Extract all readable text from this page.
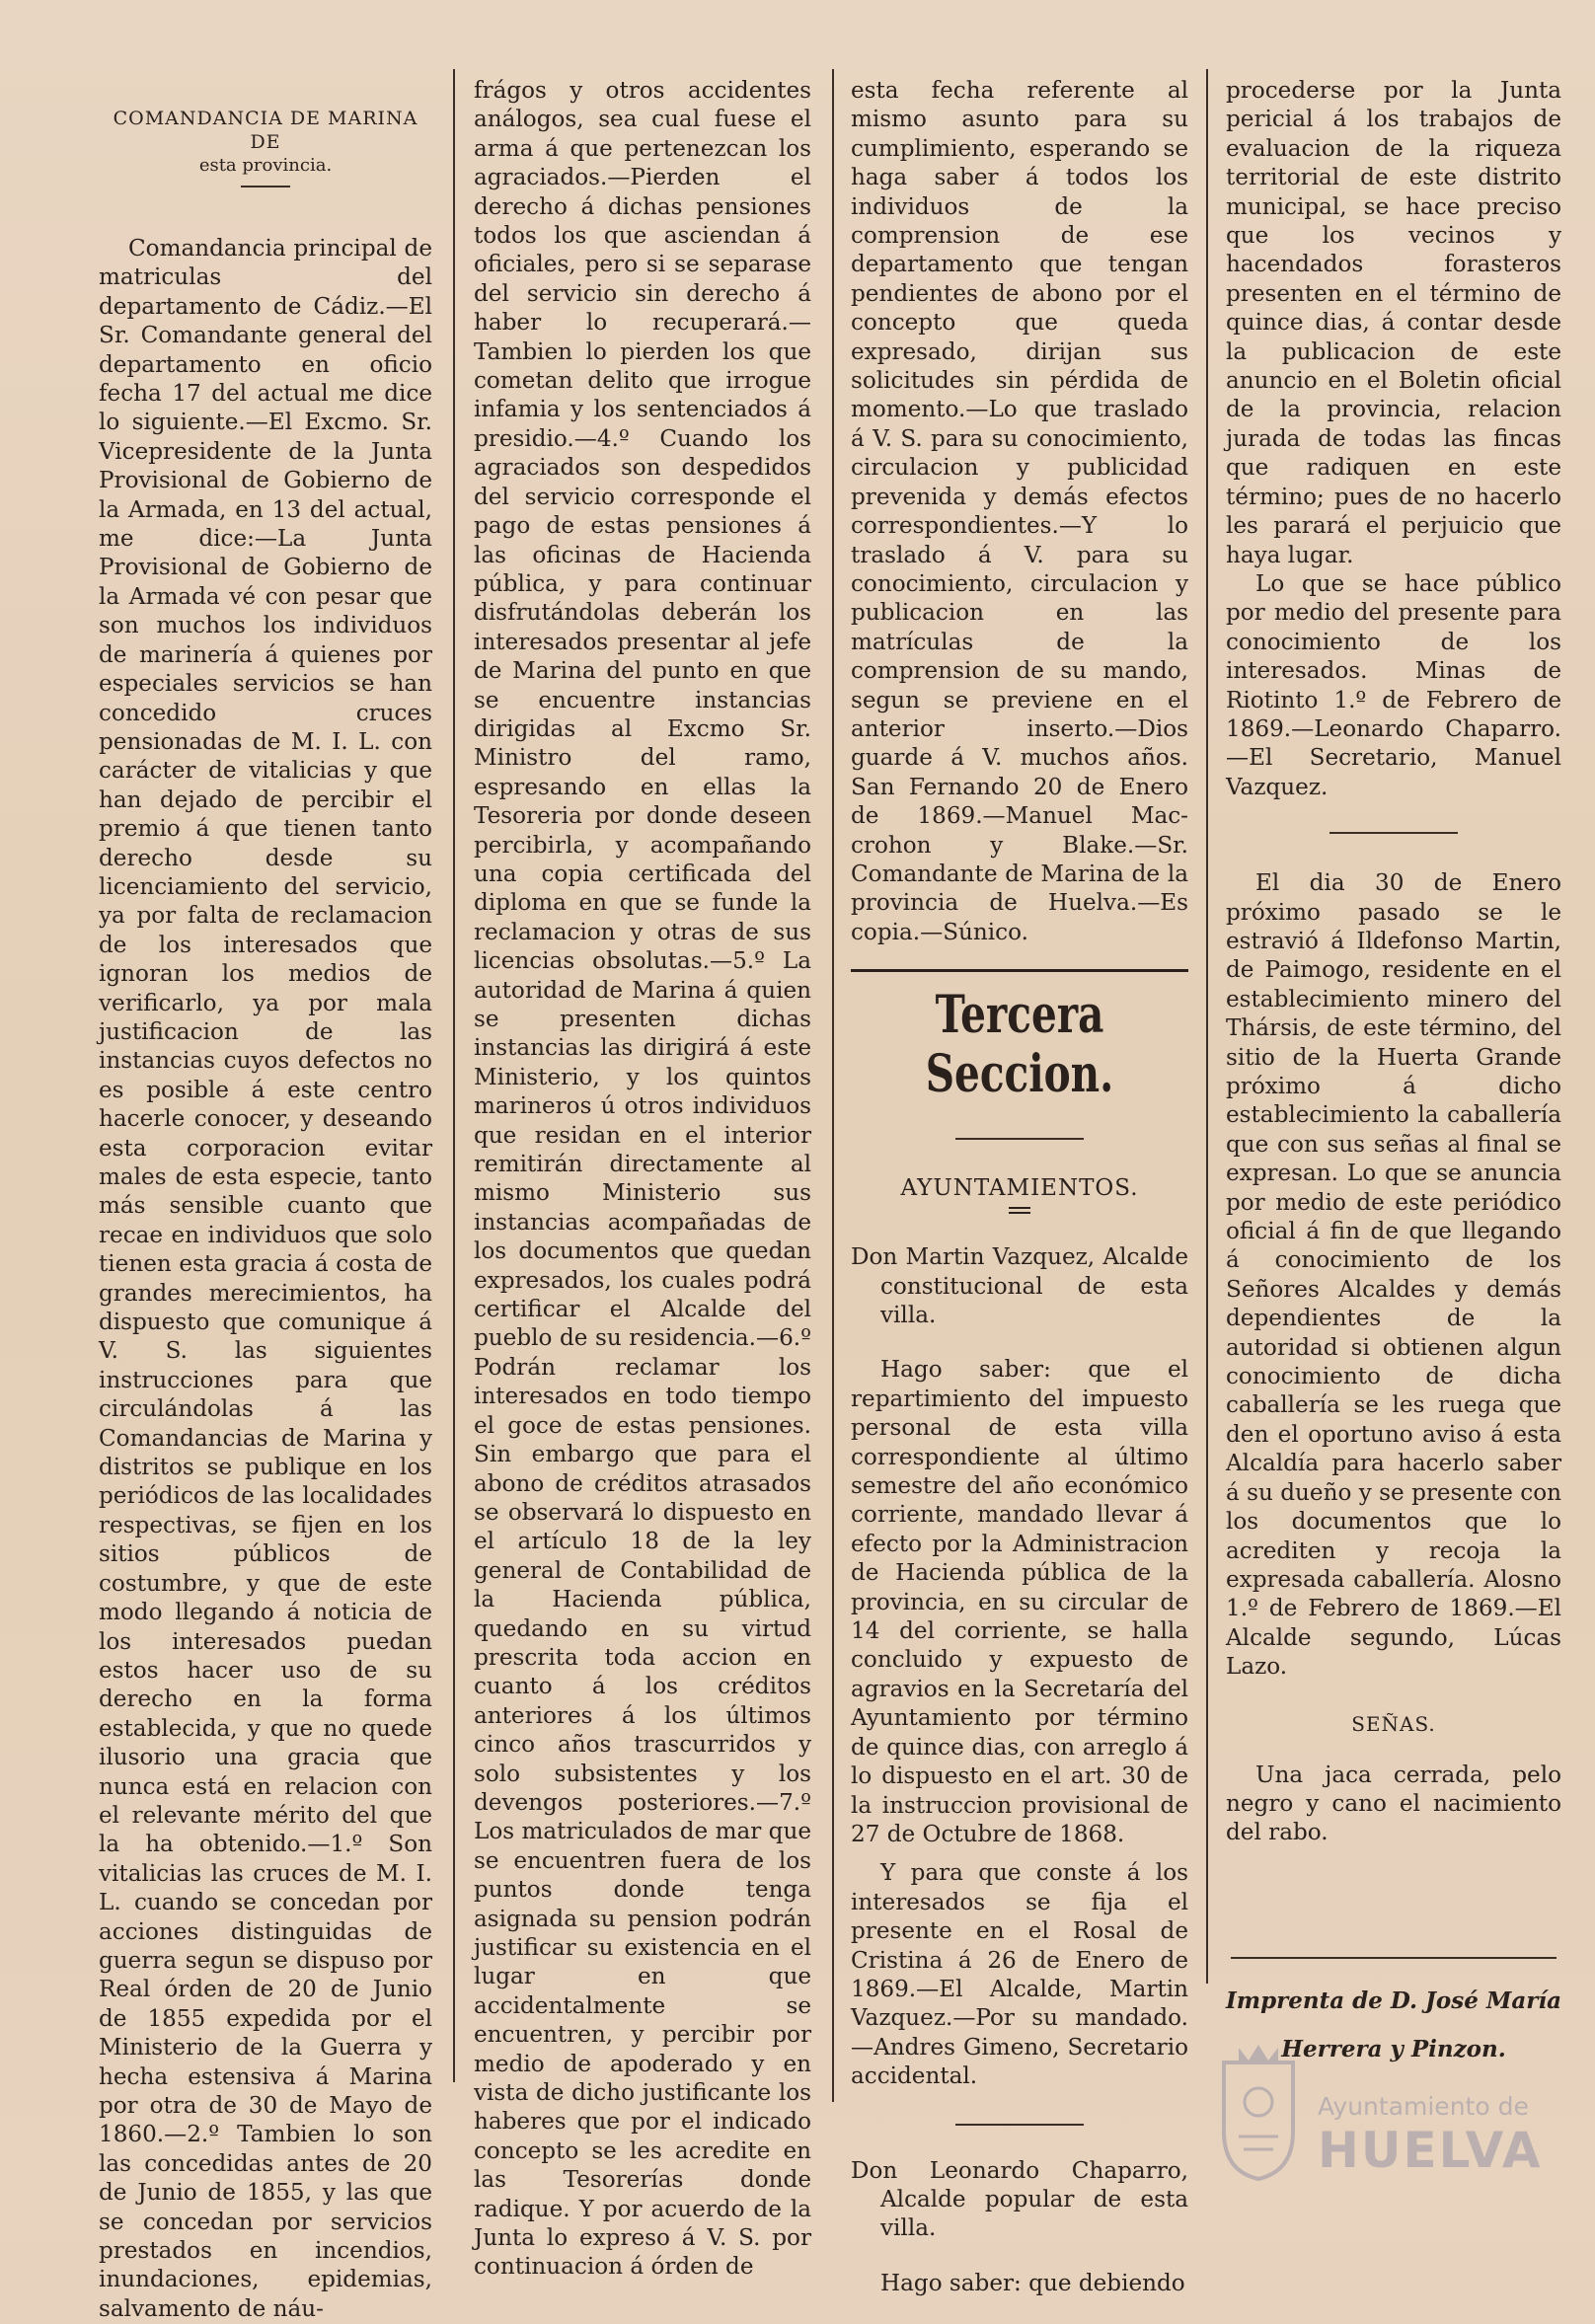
COMANDANCIA DE MARINA DE
esta provincia.

Comandancia principal de matriculas del departamento de Cádiz.—El Sr. Comandante general del departamento en oficio fecha 17 del actual me dice lo siguiente.—El Excmo. Sr. Vicepresidente de la Junta Provisional de Gobierno de la Armada, en 13 del actual, me dice:—La Junta Provisional de Gobierno de la Armada vé con pesar que son muchos los individuos de marinería á quienes por especiales servicios se han concedido cruces pensionadas de M. I. L. con carácter de vitalicias y que han dejado de percibir el premio á que tienen tanto derecho desde su licenciamiento del servicio, ya por falta de reclamacion de los interesados que ignoran los medios de verificarlo, ya por mala justificacion de las instancias cuyos defectos no es posible á este centro hacerle conocer, y deseando esta corporacion evitar males de esta especie, tanto más sensible cuanto que recae en individuos que solo tienen esta gracia á costa de grandes merecimientos, ha dispuesto que comunique á V. S. las siguientes instrucciones para que circulándolas á las Comandancias de Marina y distritos se publique en los periódicos de las localidades respectivas, se fijen en los sitios públicos de costumbre, y que de este modo llegando á noticia de los interesados puedan estos hacer uso de su derecho en la forma establecida, y que no quede ilusorio una gracia que nunca está en relacion con el relevante mérito del que la ha obtenido.—1.º Son vitalicias las cruces de M. I. L. cuando se concedan por acciones distinguidas de guerra segun se dispuso por Real órden de 20 de Junio de 1855 expedida por el Ministerio de la Guerra y hecha estensiva á Marina por otra de 30 de Mayo de 1860.—2.º Tambien lo son las concedidas antes de 20 de Junio de 1855, y las que se concedan por servicios prestados en incendios, inundaciones, epidemias, salvamento de náu-

frágos y otros accidentes análogos, sea cual fuese el arma á que pertenezcan los agraciados.—Pierden el derecho á dichas pensiones todos los que asciendan á oficiales, pero si se separase del servicio sin derecho á haber lo recuperará.—Tambien lo pierden los que cometan delito que irrogue infamia y los sentenciados á presidio.—4.º Cuando los agraciados son despedidos del servicio corresponde el pago de estas pensiones á las oficinas de Hacienda pública, y para continuar disfrutándolas deberán los interesados presentar al jefe de Marina del punto en que se encuentre instancias dirigidas al Excmo Sr. Ministro del ramo, espresando en ellas la Tesoreria por donde deseen percibirla, y acompañando una copia certificada del diploma en que se funde la reclamacion y otras de sus licencias obsolutas.—5.º La autoridad de Marina á quien se presenten dichas instancias las dirigirá á este Ministerio, y los quintos marineros ú otros individuos que residan en el interior remitirán directamente al mismo Ministerio sus instancias acompañadas de los documentos que quedan expresados, los cuales podrá certificar el Alcalde del pueblo de su residencia.—6.º Podrán reclamar los interesados en todo tiempo el goce de estas pensiones. Sin embargo que para el abono de créditos atrasados se observará lo dispuesto en el artículo 18 de la ley general de Contabilidad de la Hacienda pública, quedando en su virtud prescrita toda accion en cuanto á los créditos anteriores á los últimos cinco años trascurridos y solo subsistentes y los devengos posteriores.—7.º Los matriculados de mar que se encuentren fuera de los puntos donde tenga asignada su pension podrán justificar su existencia en el lugar en que accidentalmente se encuentren, y percibir por medio de apoderado y en vista de dicho justificante los haberes que por el indicado concepto se les acredite en las Tesorerías donde radique. Y por acuerdo de la Junta lo expreso á V. S. por continuacion á órden de

esta fecha referente al mismo asunto para su cumplimiento, esperando se haga saber á todos los individuos de la comprension de ese departamento que tengan pendientes de abono por el concepto que queda expresado, dirijan sus solicitudes sin pérdida de momento.—Lo que traslado á V. S. para su conocimiento, circulacion y publicidad prevenida y demás efectos correspondientes.—Y lo traslado á V. para su conocimiento, circulacion y publicacion en las matrículas de la comprension de su mando, segun se previene en el anterior inserto.—Dios guarde á V. muchos años. San Fernando 20 de Enero de 1869.—Manuel Mac-crohon y Blake.—Sr. Comandante de Marina de la provincia de Huelva.—Es copia.—Súnico.

Tercera Seccion.
AYUNTAMIENTOS.

Don Martin Vazquez, Alcalde constitucional de esta villa.

Hago saber: que el repartimiento del impuesto personal de esta villa correspondiente al último semestre del año económico corriente, mandado llevar á efecto por la Administracion de Hacienda pública de la provincia, en su circular de 14 del corriente, se halla concluido y expuesto de agravios en la Secretaría del Ayuntamiento por término de quince dias, con arreglo á lo dispuesto en el art. 30 de la instruccion provisional de 27 de Octubre de 1868.

Y para que conste á los interesados se fija el presente en el Rosal de Cristina á 26 de Enero de 1869.—El Alcalde, Martin Vazquez.—Por su mandado.—Andres Gimeno, Secretario accidental.

Don Leonardo Chaparro, Alcalde popular de esta villa.

Hago saber: que debiendo

procederse por la Junta pericial á los trabajos de evaluacion de la riqueza territorial de este distrito municipal, se hace preciso que los vecinos y hacendados forasteros presenten en el término de quince dias, á contar desde la publicacion de este anuncio en el Boletin oficial de la provincia, relacion jurada de todas las fincas que radiquen en este término; pues de no hacerlo les parará el perjuicio que haya lugar.

Lo que se hace público por medio del presente para conocimiento de los interesados. Minas de Riotinto 1.º de Febrero de 1869.—Leonardo Chaparro.—El Secretario, Manuel Vazquez.

El dia 30 de Enero próximo pasado se le estravió á Ildefonso Martin, de Paimogo, residente en el establecimiento minero del Thársis, de este término, del sitio de la Huerta Grande próximo á dicho establecimiento la caballería que con sus señas al final se expresan. Lo que se anuncia por medio de este periódico oficial á fin de que llegando á conocimiento de los Señores Alcaldes y demás dependientes de la autoridad si obtienen algun conocimiento de dicha caballería se les ruega que den el oportuno aviso á esta Alcaldía para hacerlo saber á su dueño y se presente con los documentos que lo acrediten y recoja la expresada caballería. Alosno 1.º de Febrero de 1869.—El Alcalde segundo, Lúcas Lazo.

SEÑAS.

Una jaca cerrada, pelo negro y cano el nacimiento del rabo.

Imprenta de D. José María
Herrera y Pinzon.
Ayuntamiento de
HUELVA
